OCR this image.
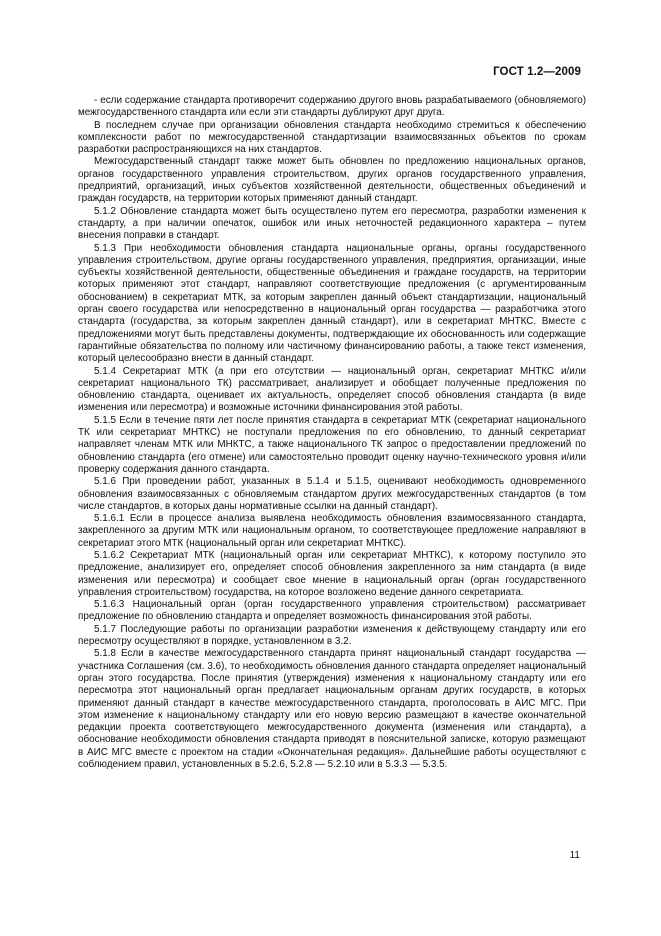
ГОСТ 1.2—2009

- если содержание стандарта противоречит содержанию другого вновь разрабатываемого (обновляемого) межгосударственного стандарта или если эти стандарты дублируют друг друга.

В последнем случае при организации обновления стандарта необходимо стремиться к обеспечению комплексности работ по межгосударственной стандартизации взаимосвязанных объектов по срокам разработки распространяющихся на них стандартов.

Межгосударственный стандарт также может быть обновлен по предложению национальных органов, органов государственного управления строительством, других органов государственного управления, предприятий, организаций, иных субъектов хозяйственной деятельности, общественных объединений и граждан государств, на территории которых применяют данный стандарт.

5.1.2 Обновление стандарта может быть осуществлено путем его пересмотра, разработки изменения к стандарту, а при наличии опечаток, ошибок или иных неточностей редакционного характера – путем внесения поправки в стандарт.

5.1.3 При необходимости обновления стандарта национальные органы, органы государственного управления строительством, другие органы государственного управления, предприятия, организации, иные субъекты хозяйственной деятельности, общественные объединения и граждане государств, на территории которых применяют этот стандарт, направляют соответствующие предложения (с аргументированным обоснованием) в секретариат МТК, за которым закреплен данный объект стандартизации, национальный орган своего государства или непосредственно в национальный орган государства — разработчика этого стандарта (государства, за которым закреплен данный стандарт), или в секретариат МНТКС. Вместе с предложениями могут быть представлены документы, подтверждающие их обоснованность или содержащие гарантийные обязательства по полному или частичному финансированию работы, а также текст изменения, который целесообразно внести в данный стандарт.

5.1.4 Секретариат МТК (а при его отсутствии — национальный орган, секретариат МНТКС и/или секретариат национального ТК) рассматривает, анализирует и обобщает полученные предложения по обновлению стандарта, оценивает их актуальность, определяет способ обновления стандарта (в виде изменения или пересмотра) и возможные источники финансирования этой работы.

5.1.5 Если в течение пяти лет после принятия стандарта в секретариат МТК (секретариат национального ТК или секретариат МНТКС) не поступали предложения по его обновлению, то данный секретариат направляет членам МТК или МНКТС, а также национального ТК запрос о предоставлении предложений по обновлению стандарта (его отмене) или самостоятельно проводит оценку научно-технического уровня и/или проверку содержания данного стандарта.

5.1.6 При проведении работ, указанных в 5.1.4 и 5.1.5, оценивают необходимость одновременного обновления взаимосвязанных с обновляемым стандартом других межгосударственных стандартов (в том числе стандартов, в которых даны нормативные ссылки на данный стандарт).

5.1.6.1 Если в процессе анализа выявлена необходимость обновления взаимосвязанного стандарта, закрепленного за другим МТК или национальным органом, то соответствующее предложение направляют в секретариат этого МТК (национальный орган или секретариат МНТКС).

5.1.6.2 Секретариат МТК (национальный орган или секретариат МНТКС), к которому поступило это предложение, анализирует его, определяет способ обновления закрепленного за ним стандарта (в виде изменения или пересмотра) и сообщает свое мнение в национальный орган (орган государственного управления строительством) государства, на которое возложено ведение данного секретариата.

5.1.6.3 Национальный орган (орган государственного управления строительством) рассматривает предложение по обновлению стандарта и определяет возможность финансирования этой работы.

5.1.7 Последующие работы по организации разработки изменения к действующему стандарту или его пересмотру осуществляют в порядке, установленном в 3.2.

5.1.8 Если в качестве межгосударственного стандарта принят национальный стандарт государства — участника Соглашения (см. 3.6), то необходимость обновления данного стандарта определяет национальный орган этого государства. После принятия (утверждения) изменения к национальному стандарту или его пересмотра этот национальный орган предлагает национальным органам других государств, в которых применяют данный стандарт в качестве межгосударственного стандарта, проголосовать в АИС МГС. При этом изменение к национальному стандарту или его новую версию размещают в качестве окончательной редакции проекта соответствующего межгосударственного документа (изменения или стандарта), а обоснование необходимости обновления стандарта приводят в пояснительной записке, которую размещают в АИС МГС вместе с проектом на стадии «Окончательная редакция». Дальнейшие работы осуществляют с соблюдением правил, установленных в 5.2.6, 5.2.8 — 5.2.10 или в 5.3.3 — 5.3.5.

11
